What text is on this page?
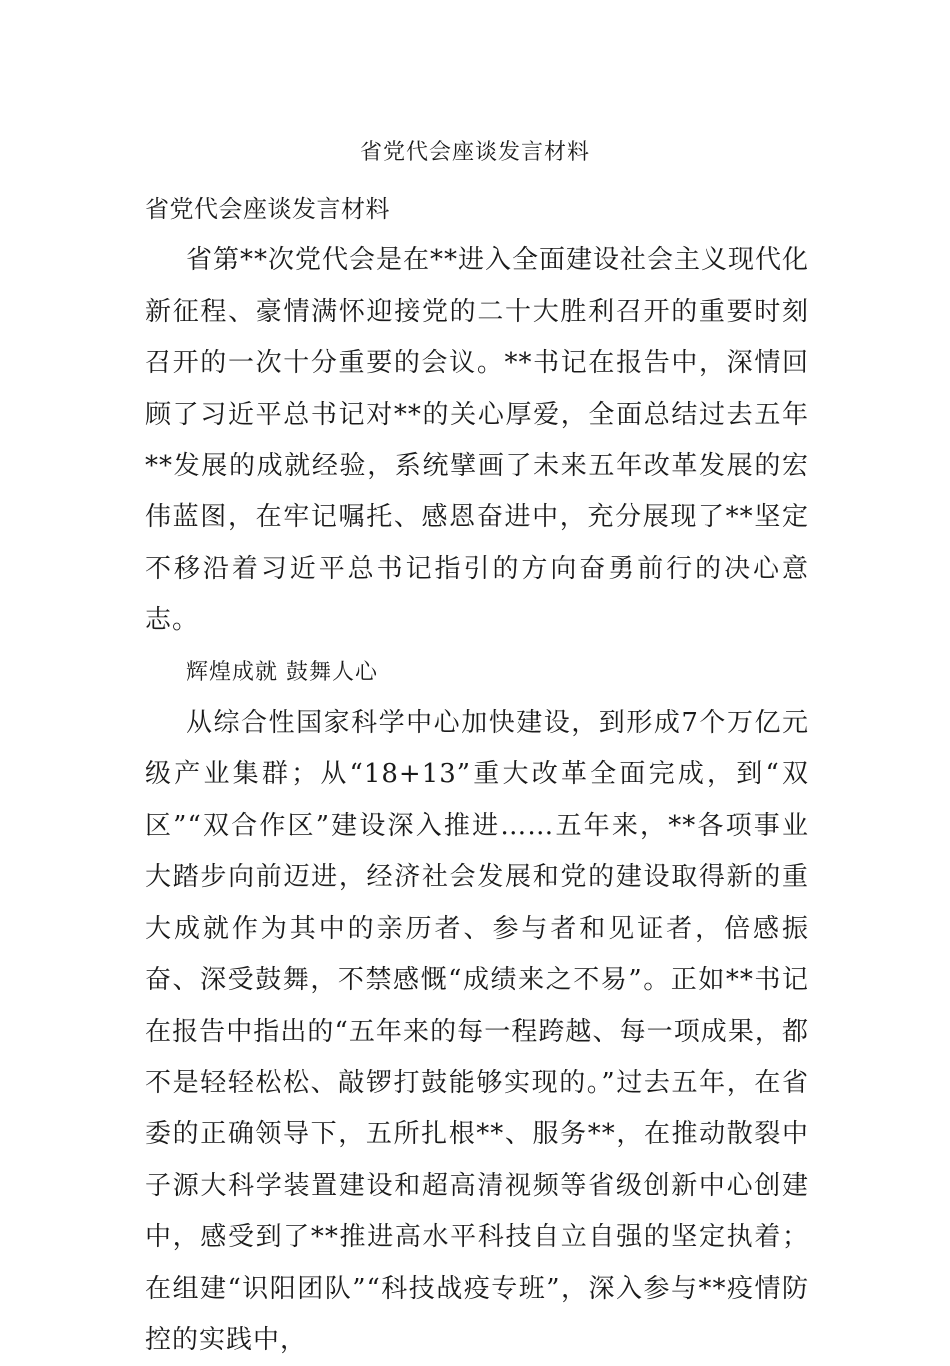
省党代会座谈发言材料

省党代会座谈发言材料

省第**次党代会是在**进入全面建设社会主义现代化新征程、豪情满怀迎接党的二十大胜利召开的重要时刻召开的一次十分重要的会议。**书记在报告中，深情回顾了习近平总书记对**的关心厚爱，全面总结过去五年**发展的成就经验，系统擘画了未来五年改革发展的宏伟蓝图，在牢记嘱托、感恩奋进中，充分展现了**坚定不移沿着习近平总书记指引的方向奋勇前行的决心意志。

辉煌成就 鼓舞人心

从综合性国家科学中心加快建设，到形成7个万亿元级产业集群；从“18+13”重大改革全面完成，到“双区”“双合作区”建设深入推进……五年来，**各项事业大踏步向前迈进，经济社会发展和党的建设取得新的重大成就作为其中的亲历者、参与者和见证者，倍感振奋、深受鼓舞，不禁感慨“成绩来之不易”。正如**书记在报告中指出的“五年来的每一程跨越、每一项成果，都不是轻轻松松、敲锣打鼓能够实现的。”过去五年，在省委的正确领导下，五所扎根**、服务**，在推动散裂中子源大科学装置建设和超高清视频等省级创新中心创建中，感受到了**推进高水平科技自立自强的坚定执着；在组建“识阳团队”“科技战疫专班”，深入参与**疫情防控的实践中，
